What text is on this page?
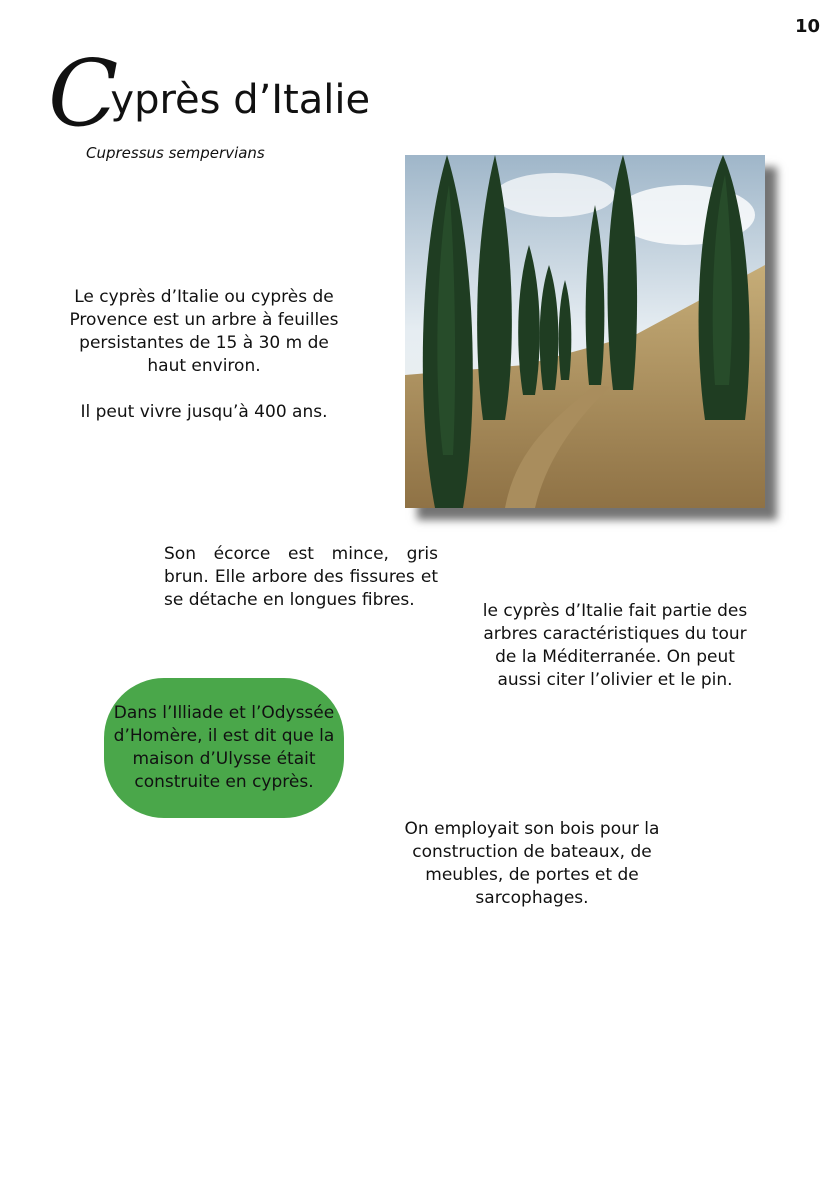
10
Cyprès d’Italie
Cupressus sempervians
Le cyprès d’Italie ou cyprès de
Provence est un arbre à feuilles
persistantes de 15 à 30 m de
haut environ.
Il peut vivre jusqu’à 400 ans.
Son écorce est mince, gris brun. Elle arbore des fissures et se détache en longues fibres.
le cyprès d’Italie fait partie des arbres caractéristiques du tour de la Méditerranée. On peut aussi citer l’olivier et le pin.
Dans l’Illiade et l’Odyssée d’Homère, il est dit que la maison d’Ulysse était construite en cyprès.
On employait son bois pour la construction de bateaux, de meubles, de portes et de sarcophages.
